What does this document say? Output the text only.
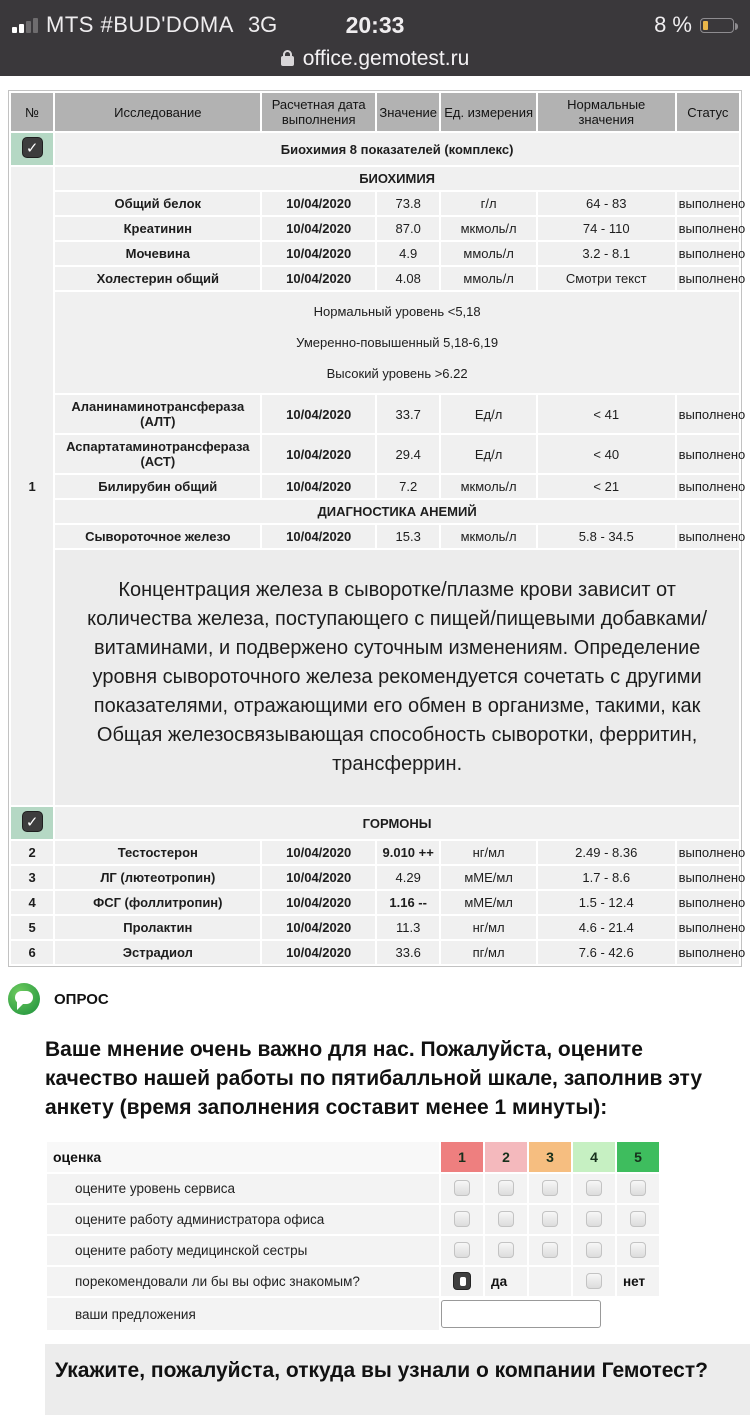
MTS #BUD'DOMA 3G	20:33	8 %
office.gemotest.ru
№	Исследование	Расчетная дата выполнения	Значение	Ед. измерения	Нормальные значения	Статус
✓	Биохимия 8 показателей (комплекс)					
1	БИОХИМИЯ					
	Общий белок	10/04/2020	73.8	г/л	64 - 83	выполнено
	Креатинин	10/04/2020	87.0	мкмоль/л	74 - 110	выполнено
	Мочевина	10/04/2020	4.9	ммоль/л	3.2 - 8.1	выполнено
	Холестерин общий	10/04/2020	4.08	ммоль/л	Смотри текст	выполнено

	Нормальный уровень <5,18
Умеренно-повышенный 5,18-6,19
Высокий уровень >6.22					

	Аланинаминотрансфераза (АЛТ)	10/04/2020	33.7	Ед/л	< 41	выполнено
	Аспартатаминотрансфераза (АСТ)	10/04/2020	29.4	Ед/л	< 40	выполнено
	Билирубин общий	10/04/2020	7.2	мкмоль/л	< 21	выполнено
	ДИАГНОСТИКА АНЕМИЙ					
	Сывороточное железо	10/04/2020	15.3	мкмоль/л	5.8 - 34.5	выполнено

	Концентрация железа в сыворотке/плазме крови зависит от количества железа, поступающего с пищей/пищевыми добавками/витаминами, и подвержено суточным изменениям. Определение уровня сывороточного железа рекомендуется сочетать с другими показателями, отражающими его обмен в организме, такими, как Общая железосвязывающая способность сыворотки, ферритин, трансферрин.					

✓	ГОРМОНЫ					
2	Тестостерон	10/04/2020	9.010 ++	нг/мл	2.49 - 8.36	выполнено
3	ЛГ (лютеотропин)	10/04/2020	4.29	мМЕ/мл	1.7 - 8.6	выполнено
4	ФСГ (фоллитропин)	10/04/2020	1.16 --	мМЕ/мл	1.5 - 12.4	выполнено
5	Пролактин	10/04/2020	11.3	нг/мл	4.6 - 21.4	выполнено
6	Эстрадиол	10/04/2020	33.6	пг/мл	7.6 - 42.6	выполнено
ОПРОС
Ваше мнение очень важно для нас. Пожалуйста, оцените качество нашей работы по пятибалльной шкале, заполнив эту анкету (время заполнения составит менее 1 минуты):
оценка	1	2	3	4	5
оцените уровень сервиса					
оцените работу администратора офиса					
оцените работу медицинской сестры					
порекомендовали ли бы вы офис знакомым?		да			нет
ваши предложения	
Укажите, пожалуйста, откуда вы узнали о компании Гемотест?
